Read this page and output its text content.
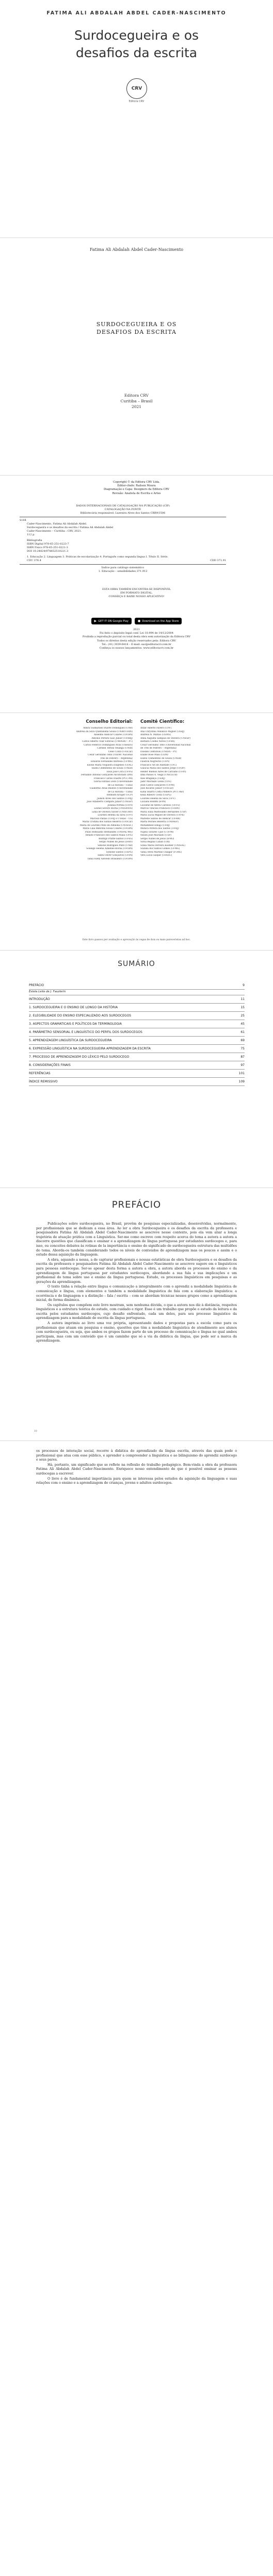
FATIMA ALI ABDALAH ABDEL CADER-NASCIMENTO
Surdocegueira e os
desafios da escrita
CRV
Editora CRV
Fatima Ali Abdalah Abdel Cader-Nascimento
SURDOCEGUEIRA E OS
DESAFIOS DA ESCRITA
Editora CRV
Curitiba – Brasil
2021
Copyright © da Editora CRV Ltda.
Editor-chefe: Railson Moura
Diagramação e Capa: Designers da Editora CRV
Revisão: Analista de Escrita e Artes
DADOS INTERNACIONAIS DE CATALOGAÇÃO NA PUBLICAÇÃO (CIP)
CATALOGAÇÃO NA FONTE
Bibliotecária responsável: Luzenira Alves dos Santos CRB9/1506
S164
Cader-Nascimento, Fatima Ali Abdalah Abdel.
Surdocegueira e os desafios da escrita / Fatima Ali Abdalah Abdel
Cader-Nascimento – Curitiba : CRV, 2021.
112 p.
Bibliografia
ISBN Digital 978-65-251-0223-7
ISBN Físico 978-65-251-0221-3
DOI 10.24824/978652510221.3
1. Educação 2. Linguagem 3. Práticas de escolarização 4. Português como segunda língua I. Título II. Série.
CDU 376.4	CDD 371.91
Índice para catálogo sistemático
1. Educação – sensibilidades 371.912
ESTA OBRA TAMBÉM ENCONTRA-SE DISPONÍVEL
EM FORMATO DIGITAL.
CONHEÇA E BAIXE NOSSO APLICATIVO!
▶ GET IT ON Google Play	● Download on the App Store
2021
Foi feito o depósito legal conf. Lei 10.994 de 14/12/2004
Proibida a reprodução parcial ou total desta obra sem autorização da Editora CRV
Todos os direitos desta edição reservados pela: Editora CRV
Tel.: (41) 3039-6418 – E-mail: sac@editoracrv.com.br
Conheça os nossos lançamentos: www.editoracrv.com.br
Conselho Editorial:
Aldira Guimarães Duarte Domínguez (UNB)
Andréia da Silva Quintanilha Sousa (UNIR/UFRN)
Anselmo Alencar Colares (UFOPA)
Antônio Pereira Gaio Júnior (UFRRJ)
Carlos Alberto Vilar Estêvão (UMINHO – PT)
Carlos Federico Dominguez Avila (Unieuro)
Carmen Tereza Velanga (UNIR)
Celso Conti (UFSCar)
Cesar Gerónimo Tello (Univer. Nacional
Três de Febrero – Argentina)
Eduardo Fernandes Barbosa (UFMG)
Elione Maria Nogueira Diogenes (UFAL)
Elizeu Clementino de Souza (UNEB)
Élsio José Corá (UFFS)
Fernando Antônio Gonçalves Alcoforado (IPB)
Francisco Carlos Duarte (PUC-PR)
Gloria Fariñas León (Universidade
de La Havana – Cuba)
Guillermo Arias Beatón (Universidade
de La Havana – Cuba)
Helmuth Krüger (UCP)
Jailson Alves dos Santos (UFRJ)
João Adalberto Campato Junior (UNESP)
Josania Portela (UFPI)
Leonel Severo Rocha (UNISINOS)
Lídia de Oliveira Xavier (UNIEURO)
Lourdes Helena da Silva (UFV)
Marcelo Paixão (UFRJ e UTexas – US)
Maria Cristina dos Santos Bezerra (UFSCar)
Maria de Lourdes Pinto de Almeida (UNOESC)
Maria Lília Imbiriba Sousa Colares (UFOPA)
Paulo Romualdo Hernandes (UNIFAL-MG)
Renato Francisco dos Santos Paula (UFG)
Rodrigo Pratte-Santos (UFES)
Sérgio Nunes de Jesus (IFRO)
Simone Rodrigues Pinto (UNB)
Solange Helena Ximenes-Rocha (UFOPA)
Sydione Santos (UEPG)
Tadeu Oliver Gonçalves (UFPA)
Tania Suely Azevedo Brasileiro (UFOPA)
Comitê Científico:
Altair Alberto Fávero (UPF)
Ana Chrystina Venancio Mignot (UERJ)
Andréia N. Militão (UEMS)
Anna Augusta Sampaio de Oliveira (UNESP)
Barbara Coelho Neves (UFBA)
Cesar Gerónimo Tello (Universidad Nacional
de Três de Febrero – Argentina)
Diosnel Centurion (UNIDA – PY)
Eliane Rose Maio (UEM)
Elizeu Clementino de Souza (UNEB)
Fauston Negreiros (UFPI)
Francisco Ari de Andrade (UFC)
Gláucia Maria dos Santos Jorge (UFOP)
Helder Buenos Aires de Carvalho (UFPI)
Ilma Passos A. Veiga (UNICEUB)
Inês Bragança (UERJ)
Jadir Machado Lessa (UFS)
Jean Carlos Gonçalves (UFPR)
José Ricardo Júnior (UFSCar)
Kátia Sbarra Costa Pinheiro (PUC-Rio)
Keila Ribeiro Costa (UEPG)
Lourdes Helena da Silva (UFV)
Luciano Bonfim (IFPA)
Lucilene de Abreu Cardoso (UFFS)
Marcos Vinícius Francisco (UFRN)
Maria Eliza Mattosinho Bernardes (USP)
Maria Lucia Miguel de Oliveira (UFPE)
Marlene Santos de Alencar (UFRR)
Marta Moraes Bezerra (UNIMEP)
Mohammed Elhajji (UFRJ)
Mônica Pereira dos Santos (UFRJ)
Najela Tavares Ujiie (UTFPR)
Nilson José Machado (USP)
Sérgio Nunes de Jesus (IFRO)
Silvia Regina Canan (URI)
Sonia Maria Ferreira Koehler (UNISAL)
Suzana dos Santos Gomes (UFMG)
Vânia Alves Martins Chaigar (FURG)
Vera Lucia Gaspar (UDESC)
Este livro passou por avaliação e aprovação às cegas de dois ou mais pareceristas ad hoc.
SUMÁRIO
PREFÁCIO	9
Estela Leite de J. Fauzlerín
INTRODUÇÃO	11
1. SURDOCEGUEIRA E O ENSINO DE LONGO DA HISTÓRIA	15
2. ELEGIBILIDADE DO ENSINO ESPECIALIZADO AOS SURDOCEGOS	25
3. ASPECTOS GRAMATICAIS E POLÍTICOS DA TERMINOLOGIA	45
4. PARÂMETRO SENSORIAL E LINGUÍSTICO DO PERFIL DOS SURDOCEGOS	61
5. APRENDIZAGEM LINGUÍSTICA DA SURDOCEGUEIRA	69
6. EXPRESSÃO LINGUÍSTICA NA SURDOCEGUEIRA APRENDIZAGEM DA ESCRITA	75
7. PROCESSO DE APRENDIZAGEM DO LÉXICO PELO SURDOCEGO	87
8. CONSIDERAÇÕES FINAIS	97
REFERÊNCIAS	101
ÍNDICE REMISSIVO	109
PREFÁCIO

Publicações sobre surdocegueira, no Brasil, provêm de pesquisas especializadas, desenvolvidas, normalmente, por profissionais que se dedicam a essa área. Ao ler a obra Surdocegueira e os desafios da escrita da professora e pesquisadora Fatima Ali Abdalah Abdel Cader-Nascimento se aescreve nesse contexto, pois ela vem aliar a longa trajetória de atuação prática com a Linguística. Ser-me como escreve com respeito acerca do tema a autora a autora a discorre questões que classificam e ensinar e a aprendizagem de língua portuguesa por estudantes surdocegos e, para isso, ou conceitos debates às rotinas de la importância e ensino do significado de surdocegueira estrutura das multidões do tema. Aborda-os também considerando todos os níveis de conteúdos de aprendizagem mas os poucos e assim e o estudo dessa aquisição da linguagem.

A obra, aquando a nessa, a de capturar profissionais e nossas estatísticas de obra Surdocegueira e os desafios da escrita da professora e pesquisadora Fatima Ali Abdalah Abdel Cader-Nascimento se aescreve sugere em e linguísticos para pessoas surdocegas. Ser-se apesar desta forma a autora a obra, a autora aborda os processos do ensino e da aprendizagem de língua portuguesa por estudantes surdocegos, abordando a sua fala e sua implicações e um profissional do tema sobre uso e ensino da língua portuguesa. Estudo, os processos linguísticos em pesquisas e as gerações da aprendizagem.

O texto tinha a relação entre língua e comunicação a integralmente com o aprendiz a modalidade linguística de comunicação e língua, com elementos e também a modalidade linguística de fala com a elaboração linguística: a ocorrência e de linguagem e a distinção – fala / escrita – com se abordam técnicas nesses grupos como a aprendizagem inicial, de forma dinâmica.

Os capítulos que compõem este livro mostram, sem nenhuma dúvida, o que a autora nos diz à distância, respeitos linguísticos e a estrutura teórica do estudo, com cuidado e rigor. Esse é um trabalho que propõe o estudo da leitura e da escrita pelos estudantes surdocegos, cujo desafio enfrentado, cada um deles, para seu processo linguístico da aprendizagem para a modalidade de escrita da língua portuguesa.

A autora imprimiu ao livro uma voz própria, apresentando dados e propostas para a escola como para os profissionais que atuam em pesquisa e ensino, questões que têm a modalidade linguística de atendimento aos alunos com surdocegueira, ou seja, que ambos os grupos fazem parte de um processo de comunicação e língua no qual ambos participam, mas com um conteúdo que é um caminho que só a via da didática da língua, que pode ser a marca da aprendizagem.

10

os processos de interação social, recorre à didática do aprendizado da língua escrita, através das quais pode o profissional que atua com esse público, e aprender a compreender a linguística e ao bilinguismo do aprendiz surdocego e seus pares.

Há, portanto, um significado que se reflete na reflexão do trabalho pedagógico. Bem-vinda a obra da professora Fatima Ali Abdalah Abdel Cader-Nascimento. Enriquece nosso entendimento de que é possível ensinar as pessoas surdocegas a escrever.

O livro é de fundamental importância para quem se interessa pelos estudos da aquisição da linguagem e suas relações com o ensino e a aprendizagem de crianças, jovens e adultos surdocegos.
